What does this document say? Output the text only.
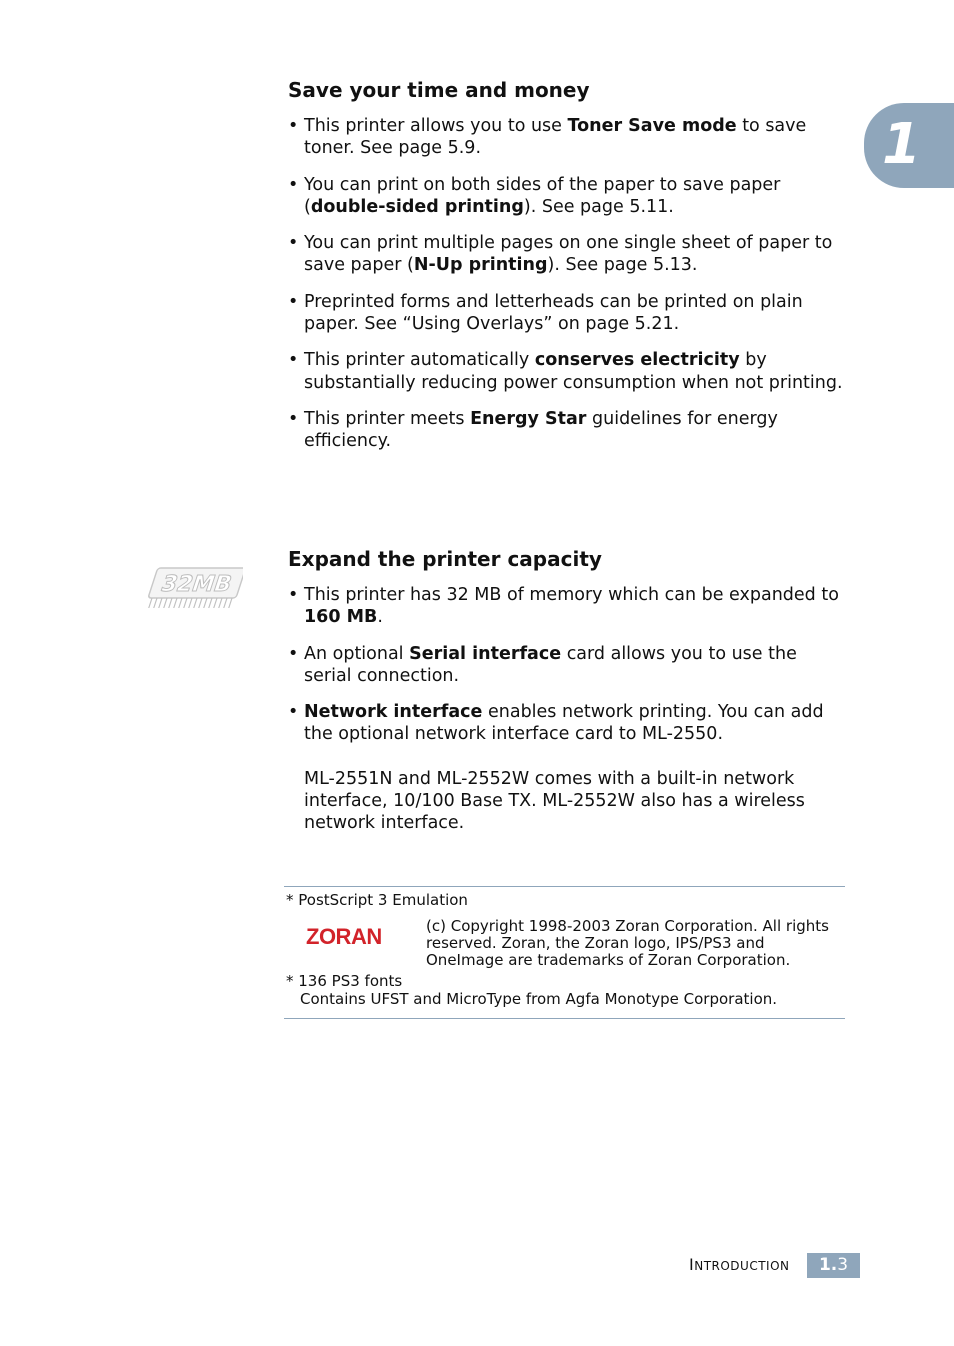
1
Save your time and money
• This printer allows you to use Toner Save mode to save toner. See page 5.9.

• You can print on both sides of the paper to save paper (double-sided printing). See page 5.11.

• You can print multiple pages on one single sheet of paper to save paper (N-Up printing). See page 5.13.

• Preprinted forms and letterheads can be printed on plain paper. See “Using Overlays” on page 5.21.

• This printer automatically conserves electricity by substantially reducing power consumption when not printing.

• This printer meets Energy Star guidelines for energy efficiency.

32MB
Expand the printer capacity
• This printer has 32 MB of memory which can be expanded to 160 MB.

• An optional Serial interface card allows you to use the serial connection.

• Network interface enables network printing. You can add the optional network interface card to ML-2550.

ML-2551N and ML-2552W comes with a built-in network interface, 10/100 Base TX. ML-2552W also has a wireless network interface.

* PostScript 3 Emulation
ZORAN	(c) Copyright 1998-2003 Zoran Corporation. All rights reserved. Zoran, the Zoran logo, IPS/PS3 and OneImage are trademarks of Zoran Corporation.
* 136 PS3 fonts
Contains UFST and MicroType from Agfa Monotype Corporation.
INTRODUCTION	1.3
